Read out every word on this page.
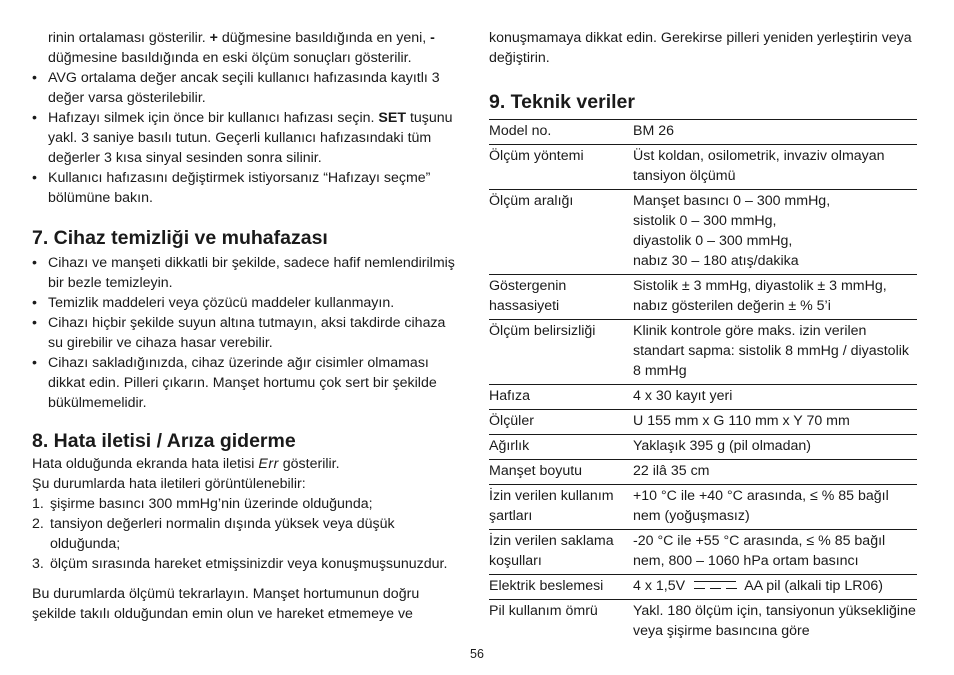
rinin ortalaması gösterilir. + düğmesine basıldığında en yeni, - düğmesine basıldığında en eski ölçüm sonuçları gösterilir.

• AVG ortalama değer ancak seçili kullanıcı hafızasında kayıtlı 3 değer varsa gösterilebilir.
• Hafızayı silmek için önce bir kullanıcı hafızası seçin. SET tuşunu yakl. 3 saniye basılı tutun. Geçerli kullanıcı hafızasındaki tüm değerler 3 kısa sinyal sesinden sonra silinir.
• Kullanıcı hafızasını değiştirmek istiyorsanız “Hafızayı seçme” bölümüne bakın.
7. Cihaz temizliği ve muhafazası
• Cihazı ve manşeti dikkatli bir şekilde, sadece hafif nemlendirilmiş bir bezle temizleyin.
• Temizlik maddeleri veya çözücü maddeler kullanmayın.
• Cihazı hiçbir şekilde suyun altına tutmayın, aksi takdirde cihaza su girebilir ve cihaza hasar verebilir.
• Cihazı sakladığınızda, cihaz üzerinde ağır cisimler olmaması dikkat edin. Pilleri çıkarın. Manşet hortumu çok sert bir şekilde bükülmemelidir.
8. Hata iletisi / Arıza giderme

Hata olduğunda ekranda hata iletisi Err gösterilir.

Şu durumlarda hata iletileri görüntülenebilir:

1. şişirme basıncı 300 mmHg’nin üzerinde olduğunda;
2. tansiyon değerleri normalin dışında yüksek veya düşük olduğunda;
3. ölçüm sırasında hareket etmişsinizdir veya konuşmuşsunuzdur.

Bu durumlarda ölçümü tekrarlayın. Manşet hortumunun doğru şekilde takılı olduğundan emin olun ve hareket etmemeye ve

konuşmamaya dikkat edin. Gerekirse pilleri yeniden yerleştirin veya değiştirin.

9. Teknik veriler
Model no.	BM 26
Ölçüm yöntemi	Üst koldan, osilometrik, invaziv olmayan tansiyon ölçümü
Ölçüm aralığı	Manşet basıncı 0 – 300 mmHg,
sistolik 0 – 300 mmHg,
diyastolik 0 – 300 mmHg,
nabız 30 – 180 atış/dakika

Göstergenin hassasiyeti	Sistolik ± 3 mmHg, diyastolik ± 3 mmHg, nabız gösterilen değerin ± % 5’i
Ölçüm belirsizliği	Klinik kontrole göre maks. izin verilen standart sapma: sistolik 8 mmHg / diyastolik 8 mmHg
Hafıza	4 x 30 kayıt yeri
Ölçüler	U 155 mm x G 110 mm x Y 70 mm
Ağırlık	Yaklaşık 395 g (pil olmadan)
Manşet boyutu	22 ilâ 35 cm
İzin verilen kullanım şartları	+10 °C ile +40 °C arasında, ≤ % 85 bağıl nem (yoğuşmasız)
İzin verilen saklama koşulları	-20 °C ile +55 °C arasında, ≤ % 85 bağıl nem, 800 – 1060 hPa ortam basıncı
Elektrik beslemesi	4 x 1,5V AA pil (alkali tip LR06)
Pil kullanım ömrü	Yakl. 180 ölçüm için, tansiyonun yüksekliğine veya şişirme basıncına göre
56
